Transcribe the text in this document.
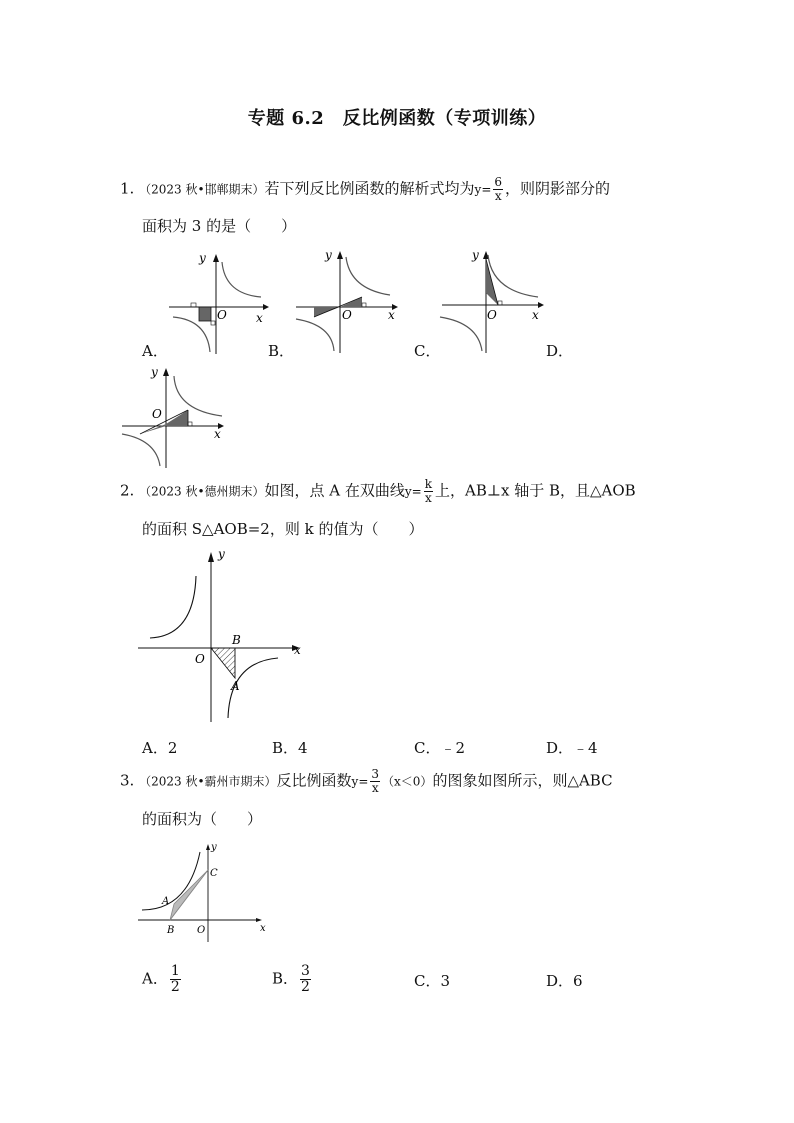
专题 6.2　反比例函数（专项训练）
1. （2023 秋•邯郸期末）若下列反比例函数的解析式均为$y= \frac{6}{x}$ ，则阴影部分的
面积为 3 的是（　　）
y
O x
y
O	x
y
O	x
A．	B．	C．	D．
y
O
x
2. （2023 秋•德州期末）如图，点 A 在双曲线$y= \frac{k}{x}$ 上，AB⊥x 轴于 B，且△AOB
的面积 S△AOB=2，则 k 的值为（　　）
y
O
B
A
x
A．2	B．4	C．﹣2	D．﹣4
3. （2023 秋•霸州市期末）反比例函数$y= \frac{3}{x} (x<0)$的图象如图所示，则△ABC
的面积为（　　）
y
C
A
B O	x
A． $\frac{1}{2}$	B． $\frac{3}{2}$	C．3	D．6
